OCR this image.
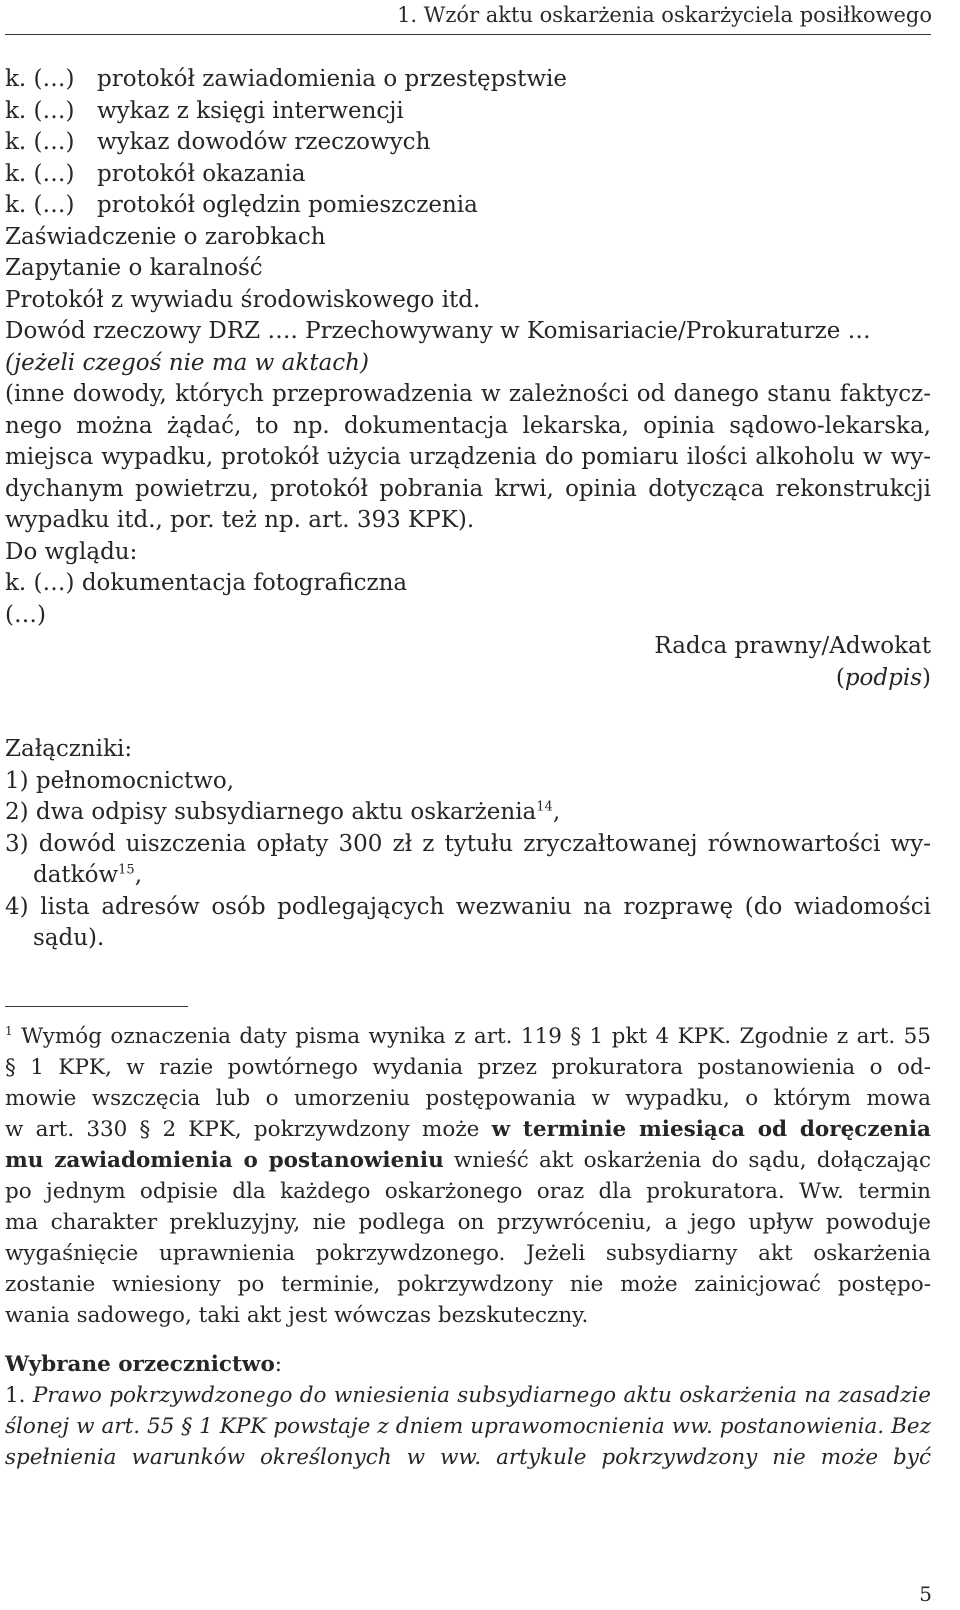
1. Wzór aktu oskarżenia oskarżyciela posiłkowego
k. (…) protokół zawiadomienia o przestępstwie
k. (…) wykaz z księgi interwencji
k. (…) wykaz dowodów rzeczowych
k. (…) protokół okazania
k. (…) protokół oględzin pomieszczenia
Zaświadczenie o zarobkach
Zapytanie o karalność
Protokół z wywiadu środowiskowego itd.
Dowód rzeczowy DRZ …. Przechowywany w Komisariacie/Prokuraturze …
(jeżeli czegoś nie ma w aktach)
(inne dowody, których przeprowadzenia w zależności od danego stanu faktycz-
nego można żądać, to np. dokumentacja lekarska, opinia sądowo-lekarska,
miejsca wypadku, protokół użycia urządzenia do pomiaru ilości alkoholu w wy-
dychanym powietrzu, protokół pobrania krwi, opinia dotycząca rekonstrukcji
wypadku itd., por. też np. art. 393 KPK).
Do wglądu:
k. (…) dokumentacja fotograficzna
(…)
Radca prawny/Adwokat
(podpis)
Załączniki:
1) pełnomocnictwo,
2) dwa odpisy subsydiarnego aktu oskarżenia$^{14}$,
3) dowód uiszczenia opłaty 300 zł z tytułu zryczałtowanej równowartości wy-
datków$^{15}$,
4) lista adresów osób podlegających wezwaniu na rozprawę (do wiadomości
sądu).
$^1$ Wymóg oznaczenia daty pisma wynika z art. 119 § 1 pkt 4 KPK. Zgodnie z art. 55
§ 1 KPK, w razie powtórnego wydania przez prokuratora postanowienia o od-
mowie wszczęcia lub o umorzeniu postępowania w wypadku, o którym mowa
w art. 330 § 2 KPK, pokrzywdzony może w terminie miesiąca od doręczenia
mu zawiadomienia o postanowieniu wnieść akt oskarżenia do sądu, dołączając
po jednym odpisie dla każdego oskarżonego oraz dla prokuratora. Ww. termin
ma charakter prekluzyjny, nie podlega on przywróceniu, a jego upływ powoduje
wygaśnięcie uprawnienia pokrzywdzonego. Jeżeli subsydiarny akt oskarżenia
zostanie wniesiony po terminie, pokrzywdzony nie może zainicjować postępo-
wania sadowego, taki akt jest wówczas bezskuteczny.
Wybrane orzecznictwo:
1. Prawo pokrzywdzonego do wniesienia subsydiarnego aktu oskarżenia na zasadzie
ślonej w art. 55 § 1 KPK powstaje z dniem uprawomocnienia ww. postanowienia. Bez
spełnienia warunków określonych w ww. artykule pokrzywdzony nie może być
5
